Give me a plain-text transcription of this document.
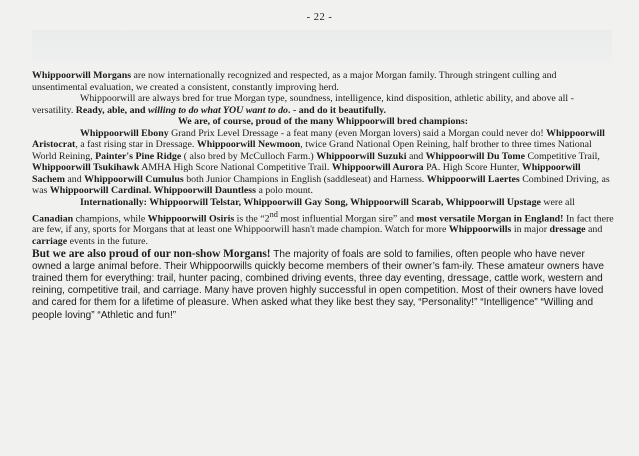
- 22 -

Whippoorwill Morgans are now internationally recognized and respected, as a major Morgan family. Through stringent culling and unsentimental evaluation, we created a consistent, constantly improving herd.

Whippoorwill are always bred for true Morgan type, soundness, intelligence, kind disposition, athletic ability, and above all - versatility. Ready, able, and willing to do what YOU want to do. - and do it beautifully.

We are, of course, proud of the many Whippoorwill bred champions:

Whippoorwill Ebony Grand Prix Level Dressage - a feat many (even Morgan lovers) said a Morgan could never do! Whippoorwill Aristocrat, a fast rising star in Dressage. Whippoorwill Newmoon, twice Grand National Open Reining, half brother to three times National World Reining, Painter's Pine Ridge ( also bred by McCulloch Farm.) Whippoorwill Suzuki and Whippoorwill Du Tome Competitive Trail, Whippoorwill Tsukihawk AMHA High Score National Competitive Trail. Whippoorwill Aurora PA. High Score Hunter, Whippoorwill Sachem and Whippoorwill Cumulus both Junior Champions in English (saddleseat) and Harness. Whippoorwill Laertes Combined Driving, as was Whippoorwill Cardinal. Whippoorwill Dauntless a polo mount.

Internationally: Whippoorwill Telstar, Whippoorwill Gay Song, Whippoorwill Scarab, Whippoorwill Upstage were all Canadian champions, while Whippoorwill Osiris is the “2nd most influential Morgan sire” and most versatile Morgan in England! In fact there are few, if any, sports for Morgans that at least one Whippoorwill hasn't made champion. Watch for more Whippoorwills in major dressage and carriage events in the future.

But we are also proud of our non-show Morgans! The majority of foals are sold to families, often people who have never owned a large animal before. Their Whippoorwills quickly become members of their owner’s fam-ily. These amateur owners have trained them for everything: trail, hunter pacing, combined driving events, three day eventing, dressage, cattle work, western and reining, competitive trail, and carriage. Many have proven highly successful in open competition. Most of their owners have loved and cared for them for a lifetime of pleasure. When asked what they like best they say, “Personality!” “Intelligence” “Willing and people loving” “Athletic and fun!”
